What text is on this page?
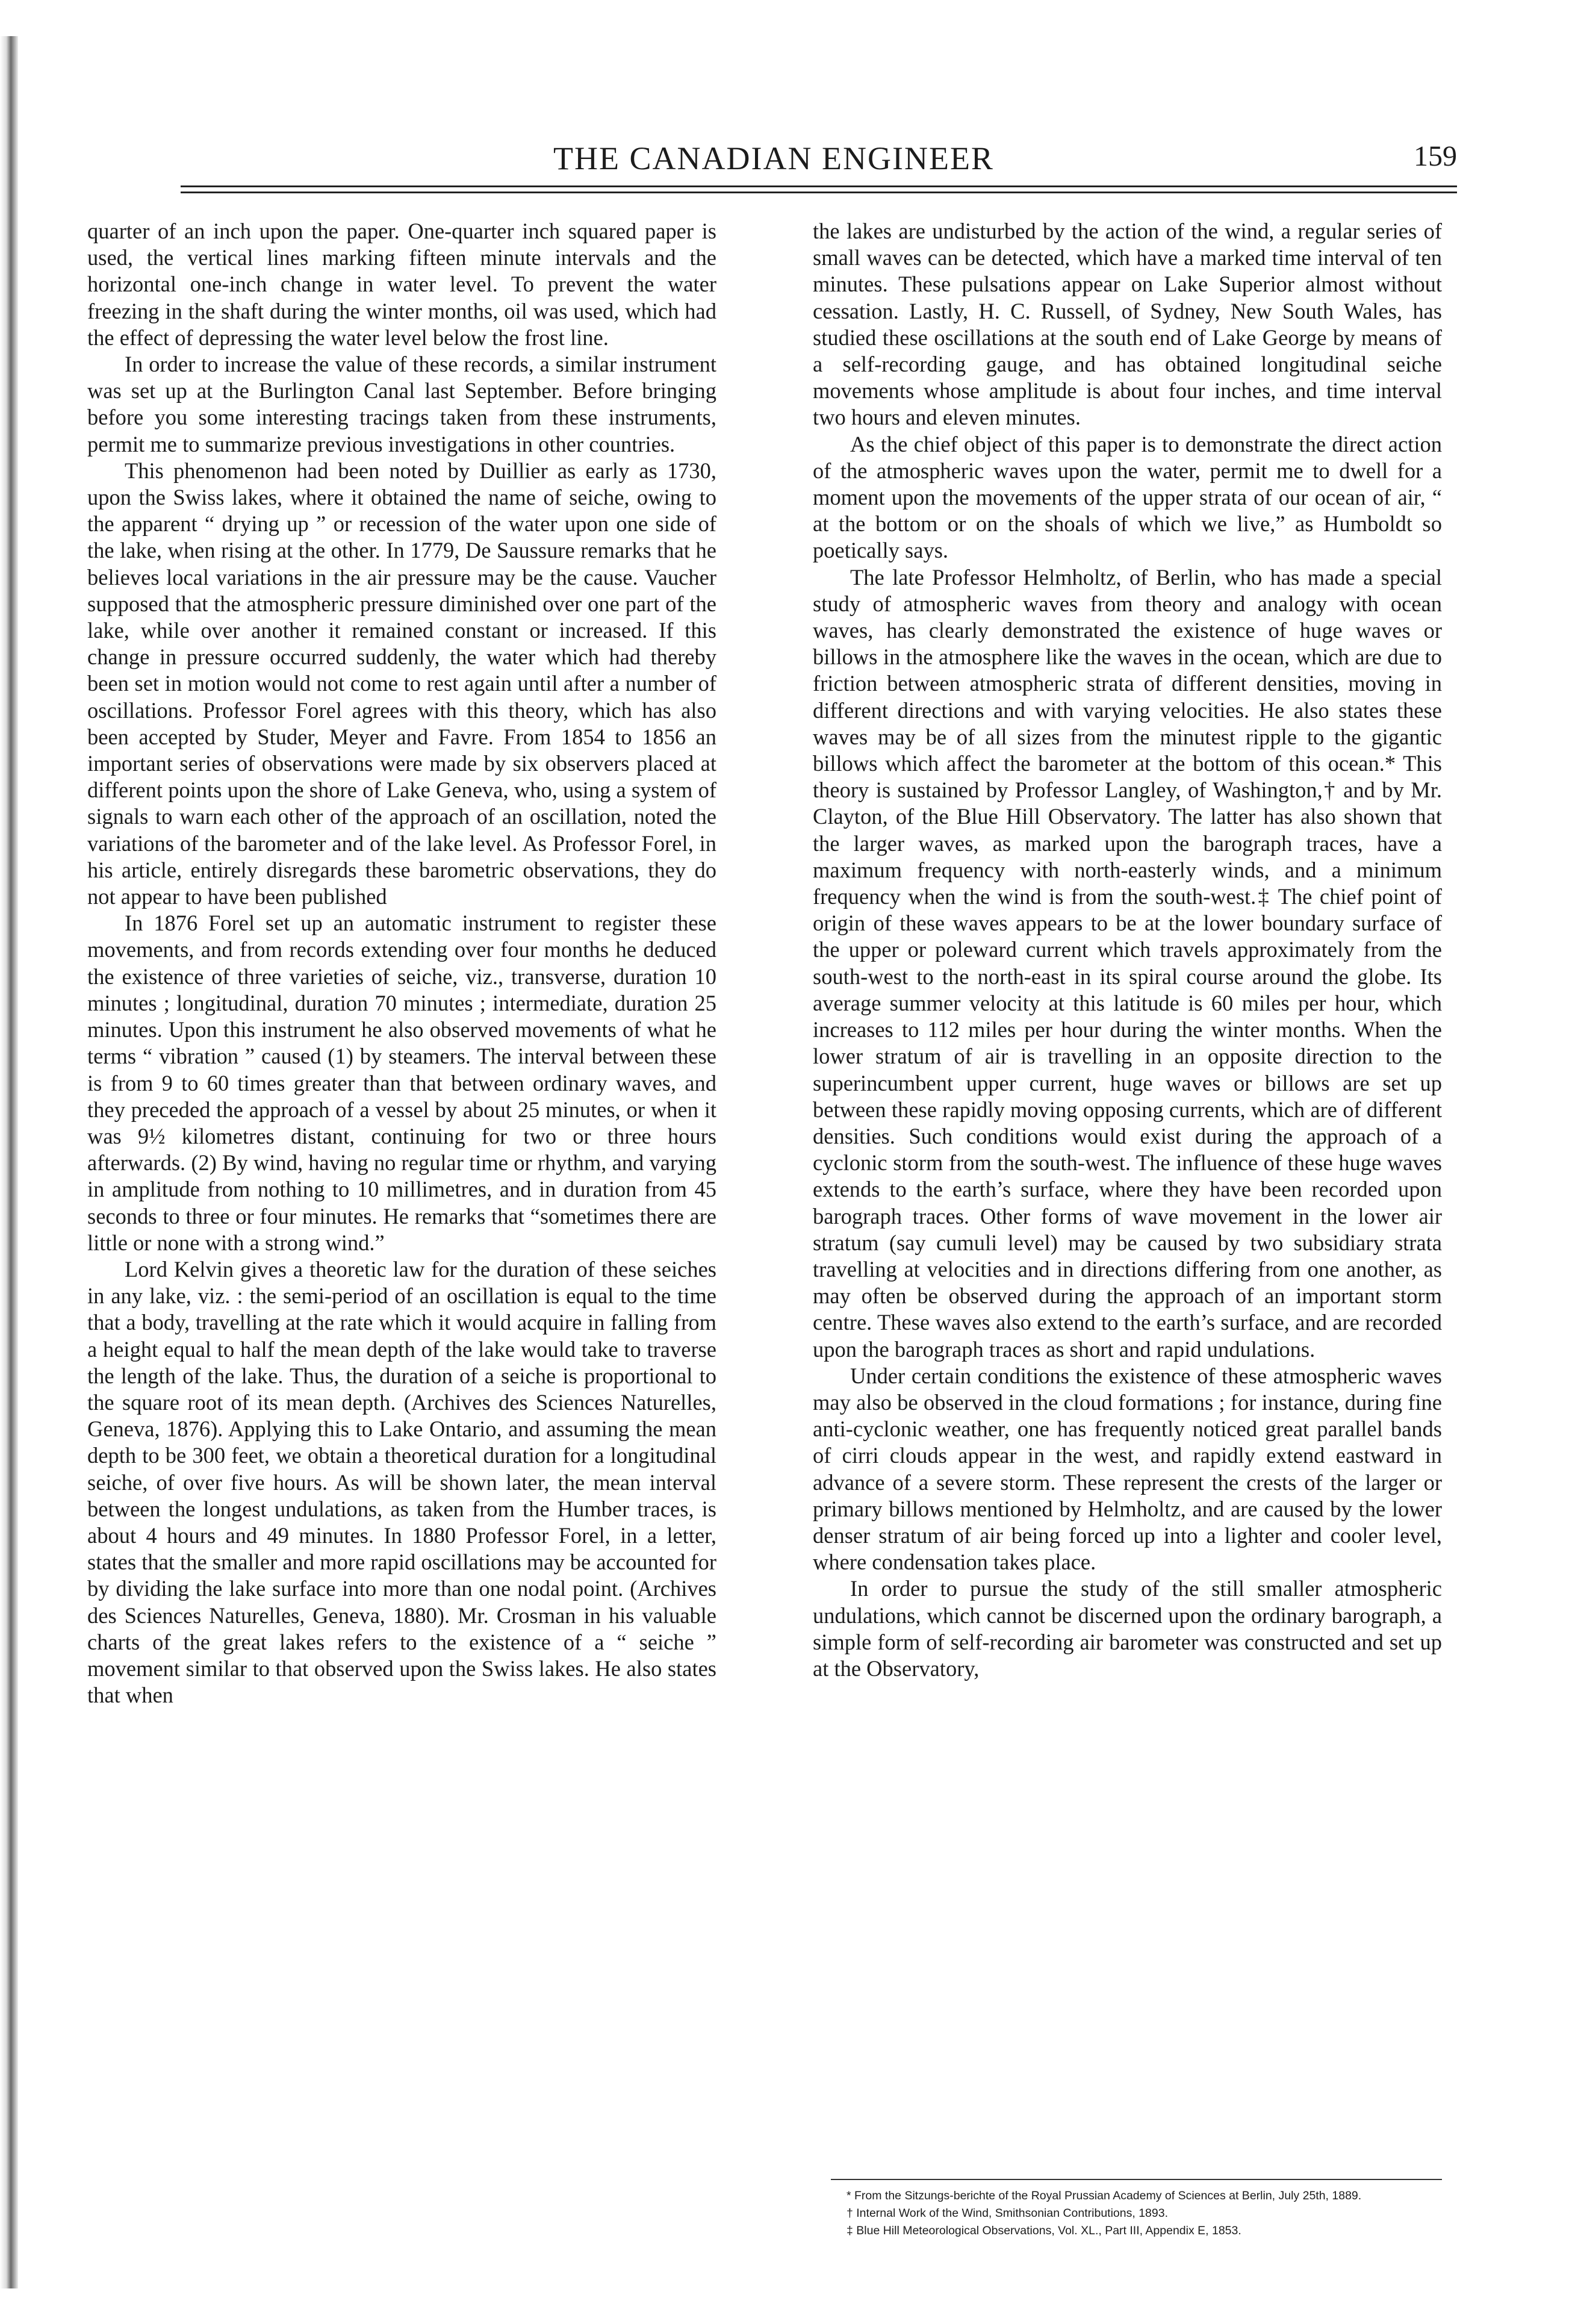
THE CANADIAN ENGINEER	159

quarter of an inch upon the paper. One-quarter inch squared paper is used, the vertical lines marking fifteen minute intervals and the horizontal one-inch change in water level. To prevent the water freezing in the shaft during the winter months, oil was used, which had the effect of depressing the water level below the frost line.

In order to increase the value of these records, a similar instrument was set up at the Burlington Canal last September. Before bringing before you some interesting tracings taken from these instruments, permit me to summarize previous investigations in other countries.

This phenomenon had been noted by Duillier as early as 1730, upon the Swiss lakes, where it obtained the name of seiche, owing to the apparent “ drying up ” or recession of the water upon one side of the lake, when rising at the other. In 1779, De Saussure remarks that he believes local variations in the air pressure may be the cause. Vaucher supposed that the atmospheric pressure diminished over one part of the lake, while over another it remained constant or increased. If this change in pressure occurred suddenly, the water which had thereby been set in motion would not come to rest again until after a number of oscillations. Professor Forel agrees with this theory, which has also been accepted by Studer, Meyer and Favre. From 1854 to 1856 an important series of observations were made by six observers placed at different points upon the shore of Lake Geneva, who, using a system of signals to warn each other of the approach of an oscillation, noted the variations of the barometer and of the lake level. As Professor Forel, in his article, entirely disregards these barometric observations, they do not appear to have been published

In 1876 Forel set up an automatic instrument to register these movements, and from records extending over four months he deduced the existence of three varieties of seiche, viz., transverse, duration 10 minutes ; longitudinal, duration 70 minutes ; intermediate, duration 25 minutes. Upon this instrument he also observed movements of what he terms “ vibration ” caused (1) by steamers. The interval between these is from 9 to 60 times greater than that between ordinary waves, and they preceded the approach of a vessel by about 25 minutes, or when it was 9½ kilometres distant, continuing for two or three hours afterwards. (2) By wind, having no regular time or rhythm, and varying in amplitude from nothing to 10 millimetres, and in duration from 45 seconds to three or four minutes. He remarks that “sometimes there are little or none with a strong wind.”

Lord Kelvin gives a theoretic law for the duration of these seiches in any lake, viz. : the semi-period of an oscillation is equal to the time that a body, travelling at the rate which it would acquire in falling from a height equal to half the mean depth of the lake would take to traverse the length of the lake. Thus, the duration of a seiche is proportional to the square root of its mean depth. (Archives des Sciences Naturelles, Geneva, 1876). Applying this to Lake Ontario, and assuming the mean depth to be 300 feet, we obtain a theoretical duration for a longitudinal seiche, of over five hours. As will be shown later, the mean interval between the longest undulations, as taken from the Humber traces, is about 4 hours and 49 minutes. In 1880 Professor Forel, in a letter, states that the smaller and more rapid oscillations may be accounted for by dividing the lake surface into more than one nodal point. (Archives des Sciences Naturelles, Geneva, 1880). Mr. Crosman in his valuable charts of the great lakes refers to the existence of a “ seiche ” movement similar to that observed upon the Swiss lakes. He also states that when

the lakes are undisturbed by the action of the wind, a regular series of small waves can be detected, which have a marked time interval of ten minutes. These pulsations appear on Lake Superior almost without cessation. Lastly, H. C. Russell, of Sydney, New South Wales, has studied these oscillations at the south end of Lake George by means of a self-recording gauge, and has obtained longitudinal seiche movements whose amplitude is about four inches, and time interval two hours and eleven minutes.

As the chief object of this paper is to demonstrate the direct action of the atmospheric waves upon the water, permit me to dwell for a moment upon the movements of the upper strata of our ocean of air, “ at the bottom or on the shoals of which we live,” as Humboldt so poetically says.

The late Professor Helmholtz, of Berlin, who has made a special study of atmospheric waves from theory and analogy with ocean waves, has clearly demonstrated the existence of huge waves or billows in the atmosphere like the waves in the ocean, which are due to friction between atmospheric strata of different densities, moving in different directions and with varying velocities. He also states these waves may be of all sizes from the minutest ripple to the gigantic billows which affect the barometer at the bottom of this ocean.* This theory is sustained by Professor Langley, of Washington,† and by Mr. Clayton, of the Blue Hill Observatory. The latter has also shown that the larger waves, as marked upon the barograph traces, have a maximum frequency with north-easterly winds, and a minimum frequency when the wind is from the south-west.‡ The chief point of origin of these waves appears to be at the lower boundary surface of the upper or poleward current which travels approximately from the south-west to the north-east in its spiral course around the globe. Its average summer velocity at this latitude is 60 miles per hour, which increases to 112 miles per hour during the winter months. When the lower stratum of air is travelling in an opposite direction to the superincumbent upper current, huge waves or billows are set up between these rapidly moving opposing currents, which are of different densities. Such conditions would exist during the approach of a cyclonic storm from the south-west. The influence of these huge waves extends to the earth’s surface, where they have been recorded upon barograph traces. Other forms of wave movement in the lower air stratum (say cumuli level) may be caused by two subsidiary strata travelling at velocities and in directions differing from one another, as may often be observed during the approach of an important storm centre. These waves also extend to the earth’s surface, and are recorded upon the barograph traces as short and rapid undulations.

Under certain conditions the existence of these atmospheric waves may also be observed in the cloud formations ; for instance, during fine anti-cyclonic weather, one has frequently noticed great parallel bands of cirri clouds appear in the west, and rapidly extend eastward in advance of a severe storm. These represent the crests of the larger or primary billows mentioned by Helmholtz, and are caused by the lower denser stratum of air being forced up into a lighter and cooler level, where condensation takes place.

In order to pursue the study of the still smaller atmospheric undulations, which cannot be discerned upon the ordinary barograph, a simple form of self-recording air barometer was constructed and set up at the Observatory,

* From the Sitzungs-berichte of the Royal Prussian Academy of Sciences at Berlin, July 25th, 1889.

† Internal Work of the Wind, Smithsonian Contributions, 1893.

‡ Blue Hill Meteorological Observations, Vol. XL., Part III, Appendix E, 1853.
